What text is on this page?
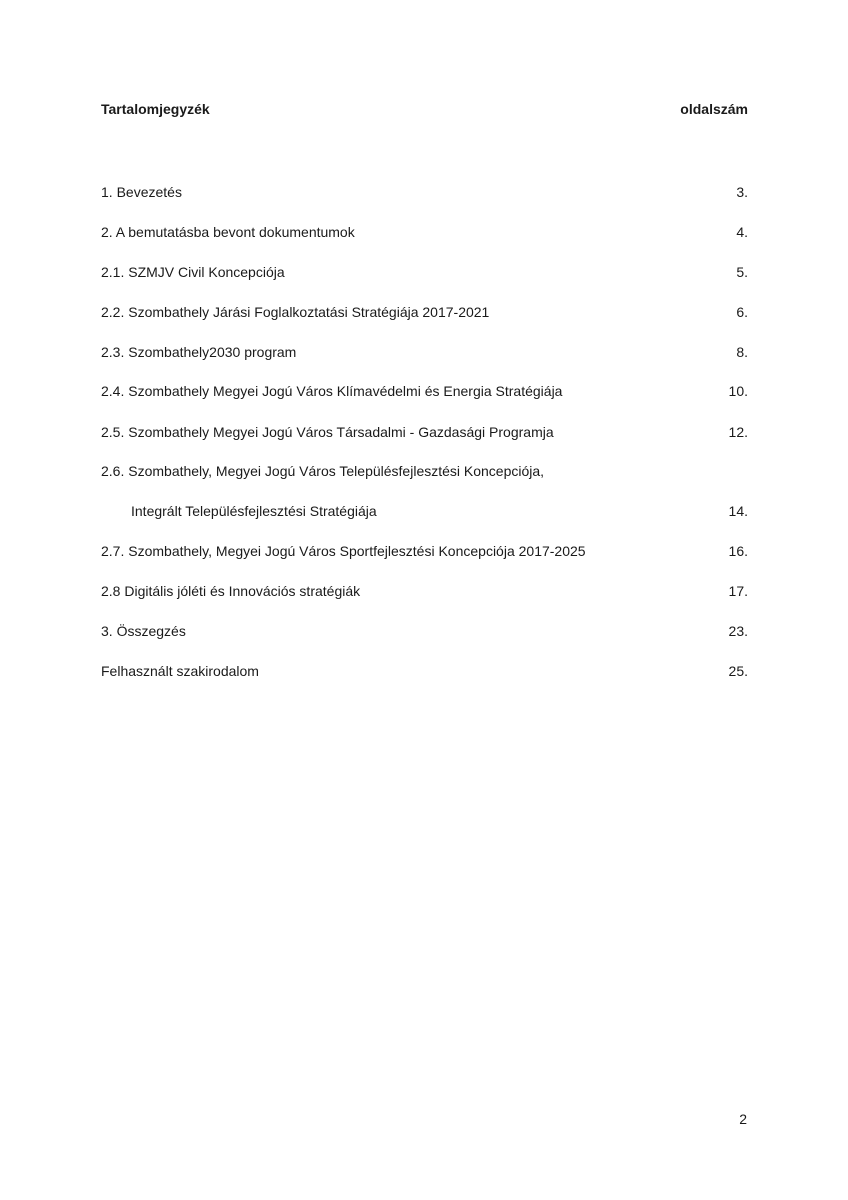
Tartalomjegyzék	oldalszám
1. Bevezetés	3.
2. A bemutatásba bevont dokumentumok	4.
2.1. SZMJV Civil Koncepciója	5.
2.2. Szombathely Járási Foglalkoztatási Stratégiája 2017-2021	6.
2.3. Szombathely2030 program	8.
2.4. Szombathely Megyei Jogú Város Klímavédelmi és Energia Stratégiája	10.
2.5. Szombathely Megyei Jogú Város Társadalmi - Gazdasági Programja	12.
2.6. Szombathely, Megyei Jogú Város Településfejlesztési Koncepciója,
Integrált Településfejlesztési Stratégiája	14.
2.7. Szombathely, Megyei Jogú Város Sportfejlesztési Koncepciója 2017-2025	16.
2.8 Digitális jóléti és Innovációs stratégiák	17.
3. Összegzés	23.
Felhasznált szakirodalom	25.
2
